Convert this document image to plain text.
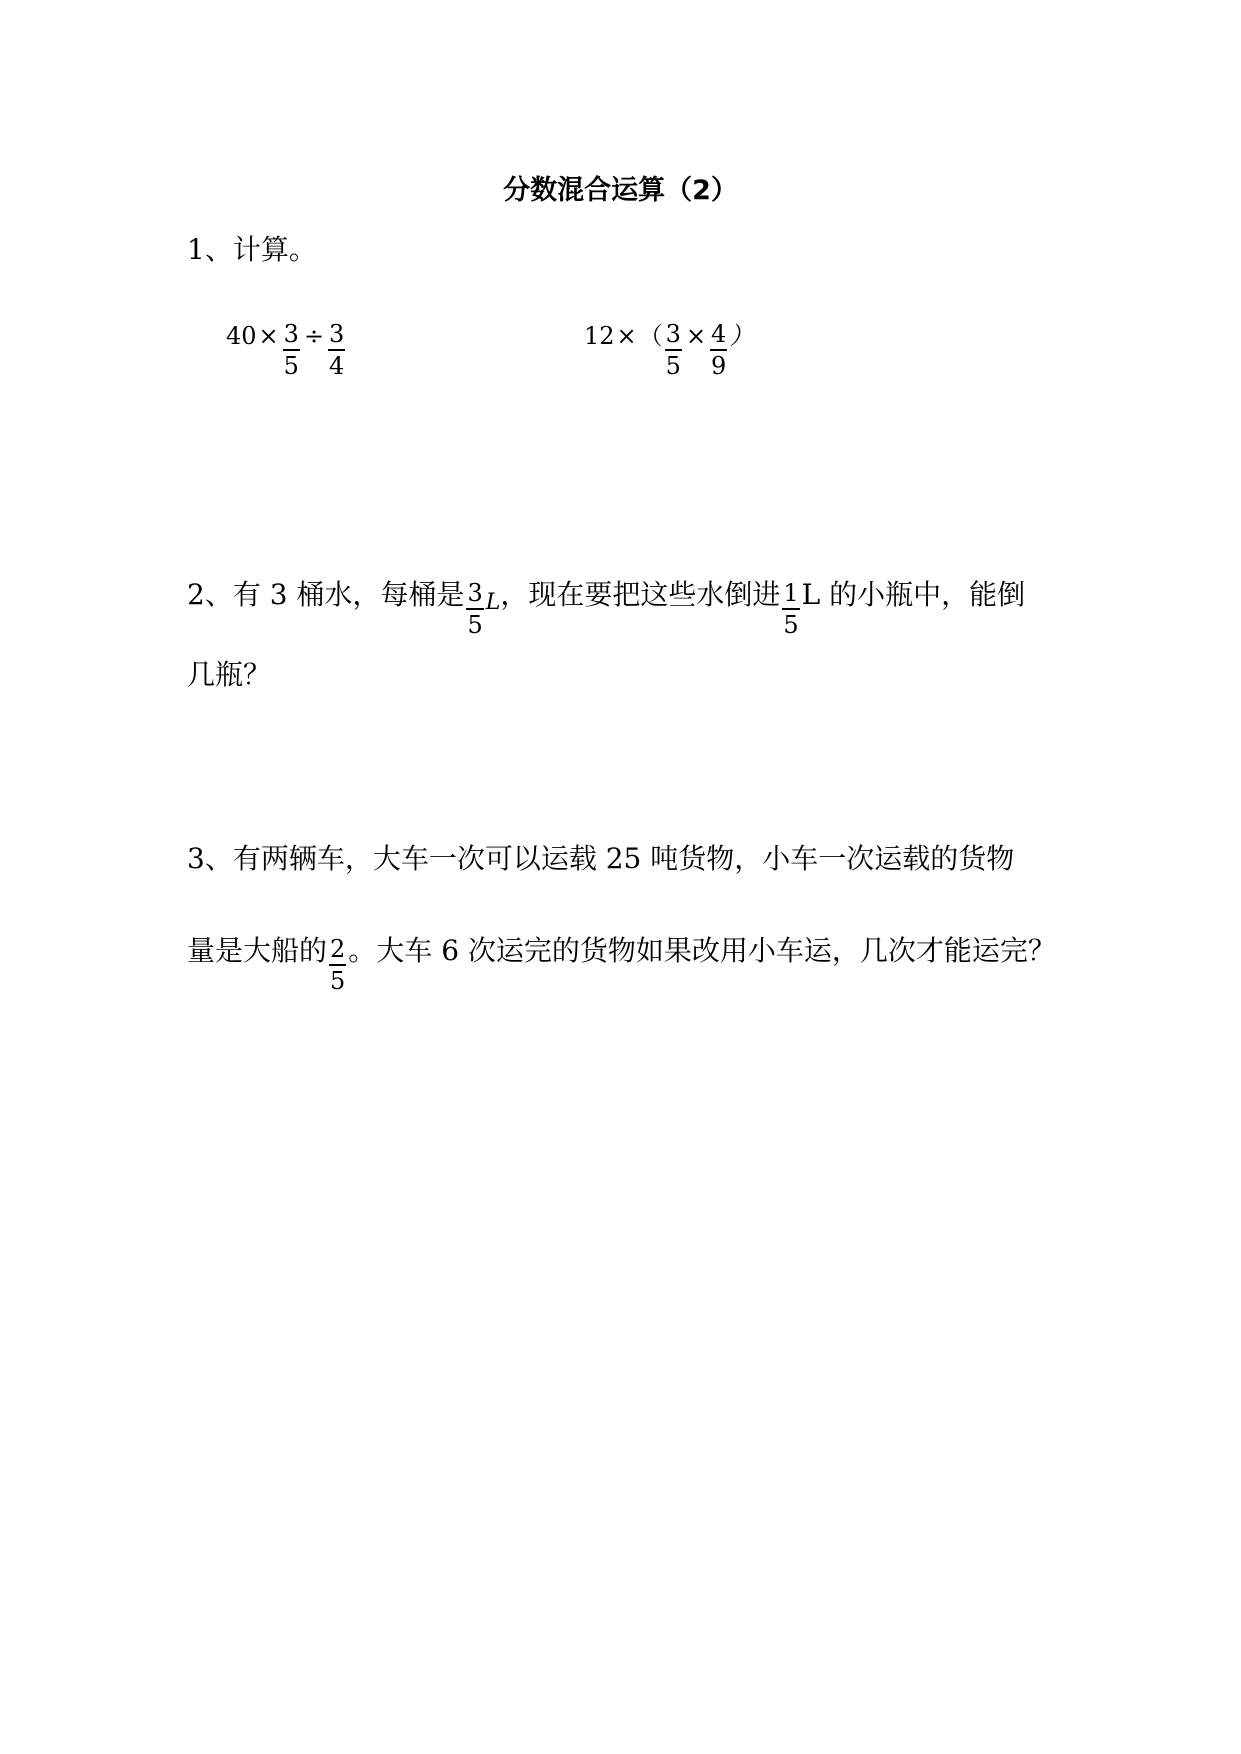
分数混合运算（2）
1、计算。
$40 \times \frac{3}{5} \div \frac{3}{4}$	12 × （ $\frac{3}{5} \times \frac{4}{9}$ ）
2、有 3 桶水，每桶是 $\frac{3}{5}$ L ，现在要把这些水倒进 $\frac{1}{5}$ L 的小瓶中，能倒
几瓶？
3、有两辆车，大车一次可以运载 25 吨货物，小车一次运载的货物
量是大船的 $\frac{2}{5}$ 。大车 6 次运完的货物如果改用小车运，几次才能运完？
